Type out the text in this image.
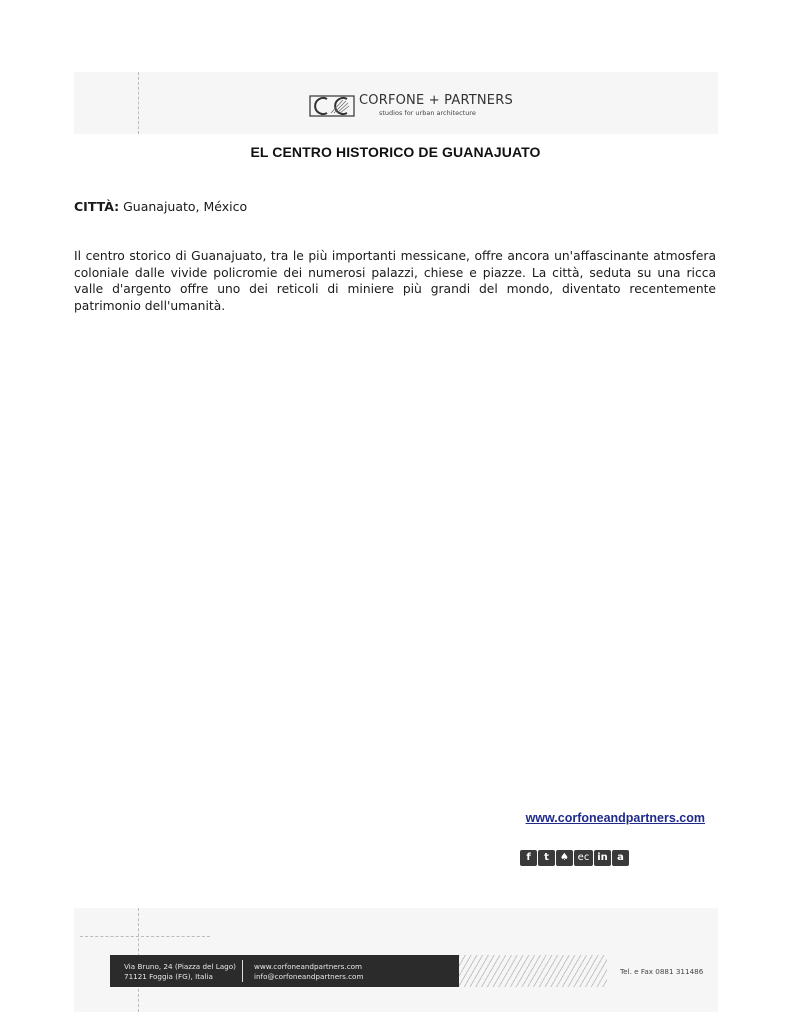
CORFONE + PARTNERS
studios for urban architecture
EL CENTRO HISTORICO DE GUANAJUATO
CITTÀ: Guanajuato, México
Il centro storico di Guanajuato, tra le più importanti messicane, offre ancora un'affascinante atmosfera coloniale dalle vivide policromie dei numerosi palazzi, chiese e piazze. La città, seduta su una ricca valle d'argento offre uno dei reticoli di miniere più grandi del mondo, diventato recentemente patrimonio dell'umanità.
www.corfoneandpartners.com
f	t	♠ ec in a
Via Bruno, 24 (Piazza del Lago)
71121 Foggia (FG), Italia
www.corfoneandpartners.com
info@corfoneandpartners.com
Tel. e Fax 0881 311486
